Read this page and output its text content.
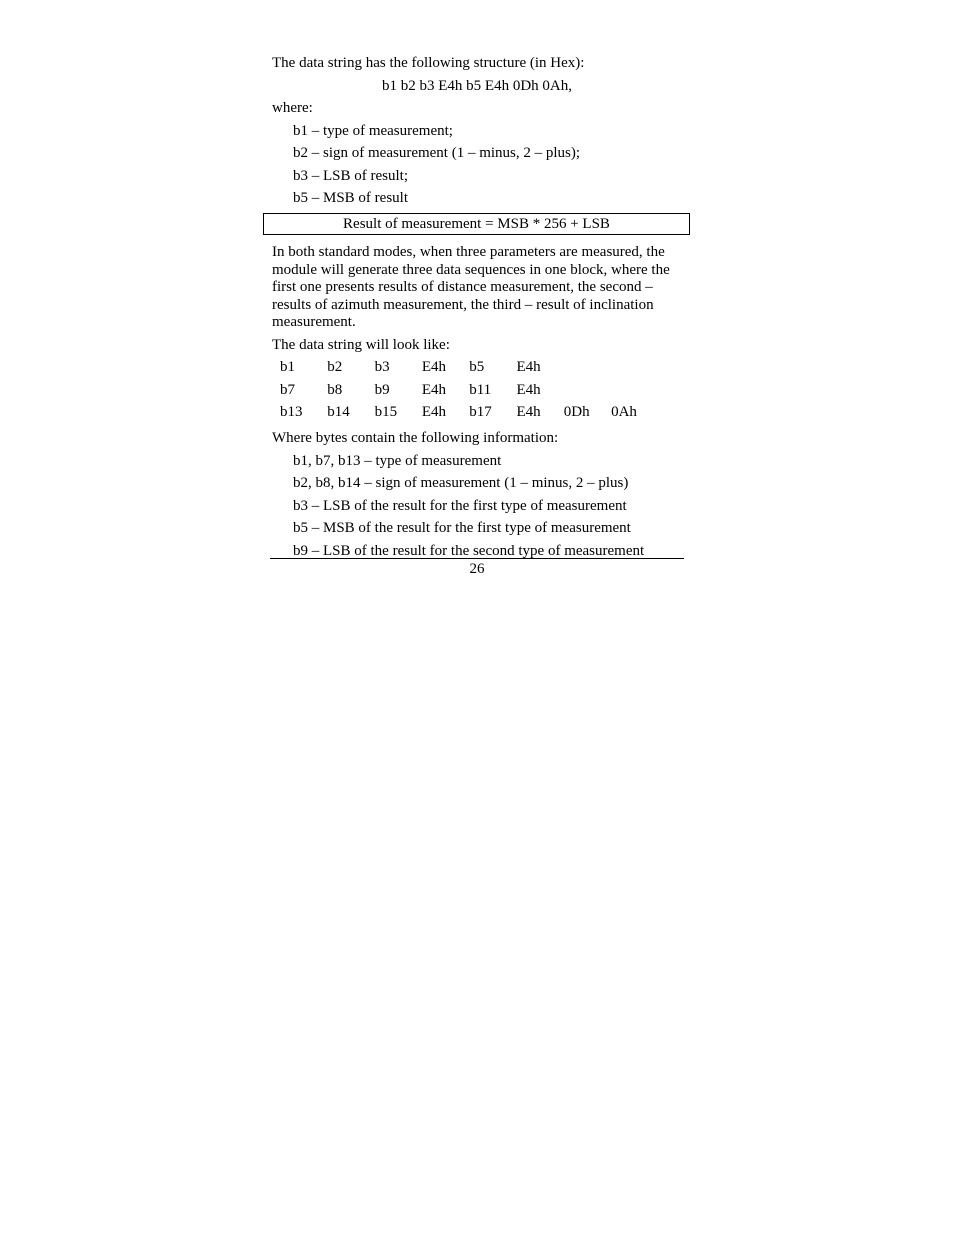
The data string has the following structure (in Hex):
b1 b2 b3 E4h b5 E4h 0Dh 0Ah,
where:
b1 – type of measurement;
b2 – sign of measurement (1 – minus, 2 – plus);
b3 – LSB of result;
b5 – MSB of result
Result of measurement = MSB * 256 + LSB
In both standard modes, when three parameters are measured, the module will generate three data sequences in one block, where the first one presents results of distance measurement, the second – results of azimuth measurement, the third – result of inclination measurement.
The data string will look like:
b1	b2	b3	E4h	b5	E4h		
b7	b8	b9	E4h	b11	E4h		
b13	b14	b15	E4h	b17	E4h	0Dh	0Ah
Where bytes contain the following information:
b1, b7, b13 – type of measurement
b2, b8, b14 – sign of measurement (1 – minus, 2 – plus)
b3 – LSB of the result for the first type of measurement
b5 – MSB of the result for the first type of measurement
b9 – LSB of the result for the second type of measurement
26
